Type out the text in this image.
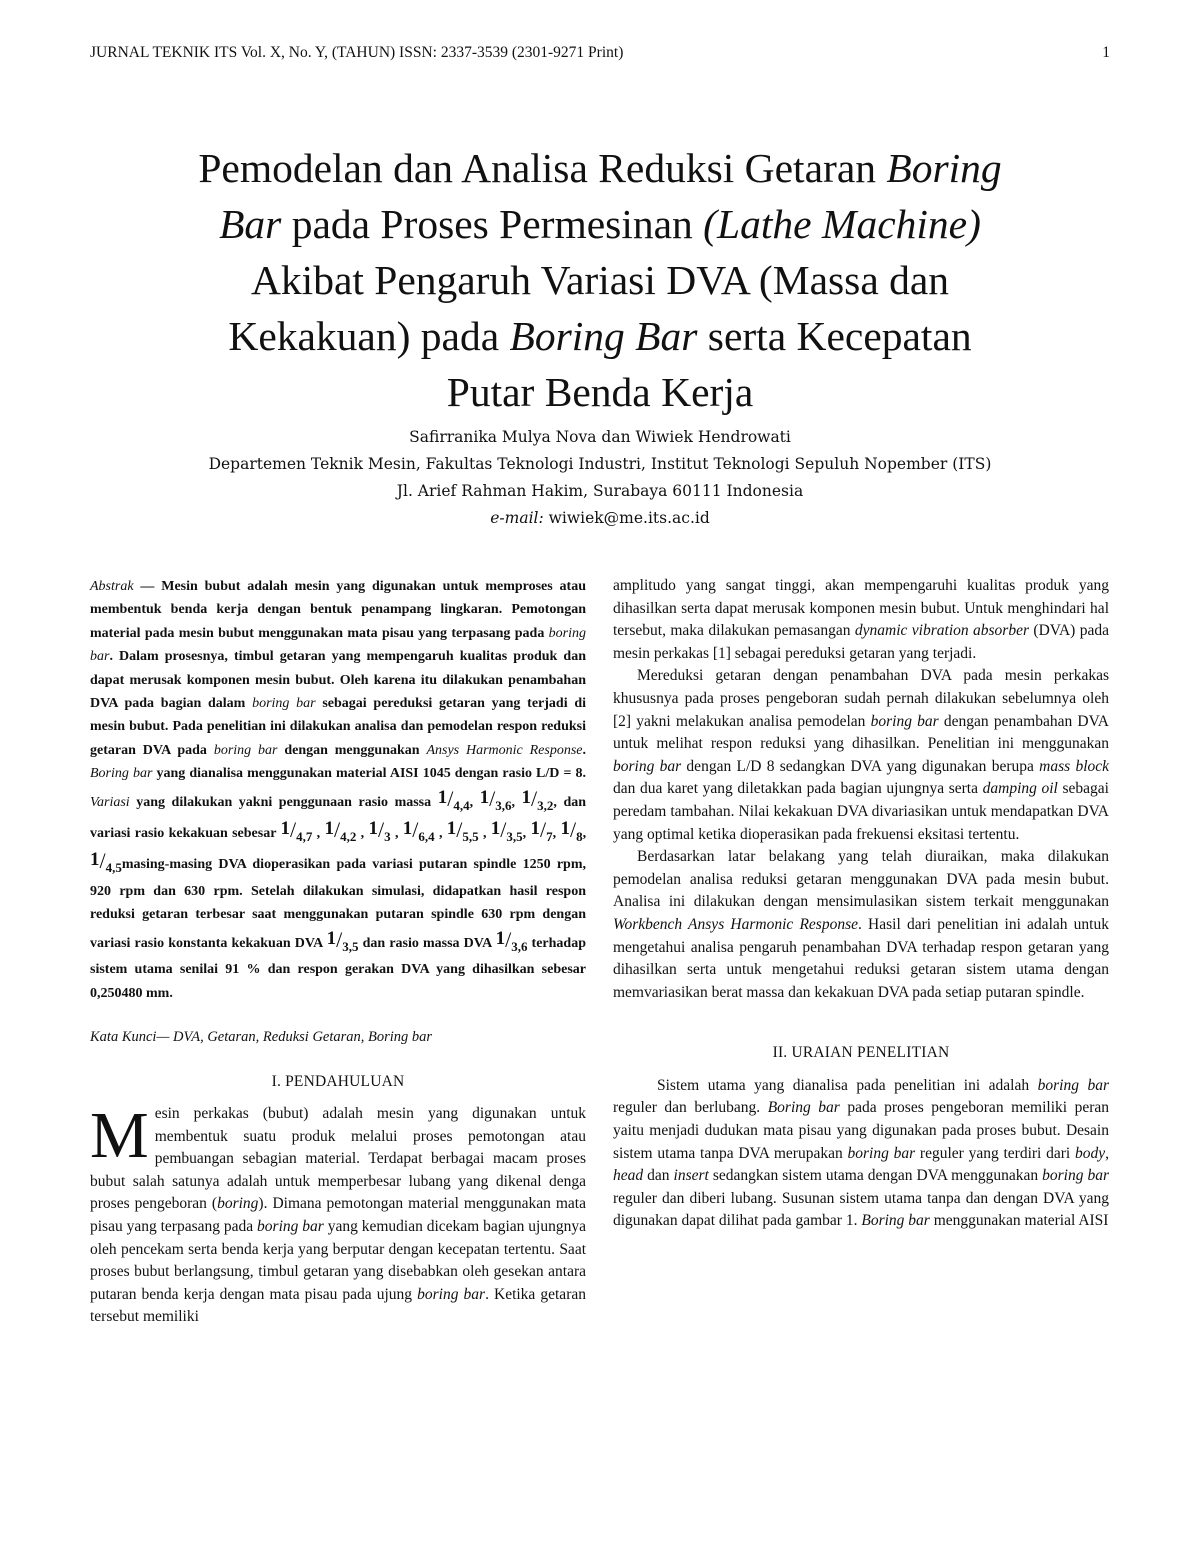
JURNAL TEKNIK ITS Vol. X, No. Y, (TAHUN) ISSN: 2337-3539 (2301-9271 Print)	1
Pemodelan dan Analisa Reduksi Getaran Boring
Bar pada Proses Permesinan (Lathe Machine)
Akibat Pengaruh Variasi DVA (Massa dan
Kekakuan) pada Boring Bar serta Kecepatan
Putar Benda Kerja
Safirranika Mulya Nova dan Wiwiek Hendrowati
Departemen Teknik Mesin, Fakultas Teknologi Industri, Institut Teknologi Sepuluh Nopember (ITS)
Jl. Arief Rahman Hakim, Surabaya 60111 Indonesia
e-mail: wiwiek@me.its.ac.id

Abstrak — Mesin bubut adalah mesin yang digunakan untuk memproses atau membentuk benda kerja dengan bentuk penampang lingkaran. Pemotongan material pada mesin bubut menggunakan mata pisau yang terpasang pada boring bar. Dalam prosesnya, timbul getaran yang mempengaruh kualitas produk dan dapat merusak komponen mesin bubut. Oleh karena itu dilakukan penambahan DVA pada bagian dalam boring bar sebagai pereduksi getaran yang terjadi di mesin bubut. Pada penelitian ini dilakukan analisa dan pemodelan respon reduksi getaran DVA pada boring bar dengan menggunakan Ansys Harmonic Response. Boring bar yang dianalisa menggunakan material AISI 1045 dengan rasio L/D = 8. Variasi yang dilakukan yakni penggunaan rasio massa $^1/_{4,4}$, $^1/_{3,6}$, $^1/_{3,2}$, dan variasi rasio kekakuan sebesar $^1/_{4,7}$ , $^1/_{4,2}$ , $^1/_3$ , $^1/_{6,4}$ , $^1/_{5,5}$ , $^1/_{3,5}$, $^1/_7$, $^1/_8$, $^1/_{4,5}masing$-masing DVA dioperasikan pada variasi putaran spindle 1250 rpm, 920 rpm dan 630 rpm. Setelah dilakukan simulasi, didapatkan hasil respon reduksi getaran terbesar saat menggunakan putaran spindle 630 rpm dengan variasi rasio konstanta kekakuan DVA $^1/_{3,5}$ dan rasio massa DVA $^1/_{3,6}$ terhadap sistem utama senilai 91 % dan respon gerakan DVA yang dihasilkan sebesar 0,250480 mm.

Kata Kunci— DVA, Getaran, Reduksi Getaran, Boring bar

I. PENDAHULUAN

Mesin perkakas (bubut) adalah mesin yang digunakan untuk membentuk suatu produk melalui proses pemotongan atau pembuangan sebagian material. Terdapat berbagai macam proses bubut salah satunya adalah untuk memperbesar lubang yang dikenal denga proses pengeboran (boring). Dimana pemotongan material menggunakan mata pisau yang terpasang pada boring bar yang kemudian dicekam bagian ujungnya oleh pencekam serta benda kerja yang berputar dengan kecepatan tertentu. Saat proses bubut berlangsung, timbul getaran yang disebabkan oleh gesekan antara putaran benda kerja dengan mata pisau pada ujung boring bar. Ketika getaran tersebut memiliki

amplitudo yang sangat tinggi, akan mempengaruhi kualitas produk yang dihasilkan serta dapat merusak komponen mesin bubut. Untuk menghindari hal tersebut, maka dilakukan pemasangan dynamic vibration absorber (DVA) pada mesin perkakas [1] sebagai pereduksi getaran yang terjadi.

Mereduksi getaran dengan penambahan DVA pada mesin perkakas khususnya pada proses pengeboran sudah pernah dilakukan sebelumnya oleh [2] yakni melakukan analisa pemodelan boring bar dengan penambahan DVA untuk melihat respon reduksi yang dihasilkan. Penelitian ini menggunakan boring bar dengan L/D 8 sedangkan DVA yang digunakan berupa mass block dan dua karet yang diletakkan pada bagian ujungnya serta damping oil sebagai peredam tambahan. Nilai kekakuan DVA divariasikan untuk mendapatkan DVA yang optimal ketika dioperasikan pada frekuensi eksitasi tertentu.

Berdasarkan latar belakang yang telah diuraikan, maka dilakukan pemodelan analisa reduksi getaran menggunakan DVA pada mesin bubut. Analisa ini dilakukan dengan mensimulasikan sistem terkait menggunakan Workbench Ansys Harmonic Response. Hasil dari penelitian ini adalah untuk mengetahui analisa pengaruh penambahan DVA terhadap respon getaran yang dihasilkan serta untuk mengetahui reduksi getaran sistem utama dengan memvariasikan berat massa dan kekakuan DVA pada setiap putaran spindle.

II. URAIAN PENELITIAN

Sistem utama yang dianalisa pada penelitian ini adalah boring bar reguler dan berlubang. Boring bar pada proses pengeboran memiliki peran yaitu menjadi dudukan mata pisau yang digunakan pada proses bubut. Desain sistem utama tanpa DVA merupakan boring bar reguler yang terdiri dari body, head dan insert sedangkan sistem utama dengan DVA menggunakan boring bar reguler dan diberi lubang. Susunan sistem utama tanpa dan dengan DVA yang digunakan dapat dilihat pada gambar 1. Boring bar menggunakan material AISI
